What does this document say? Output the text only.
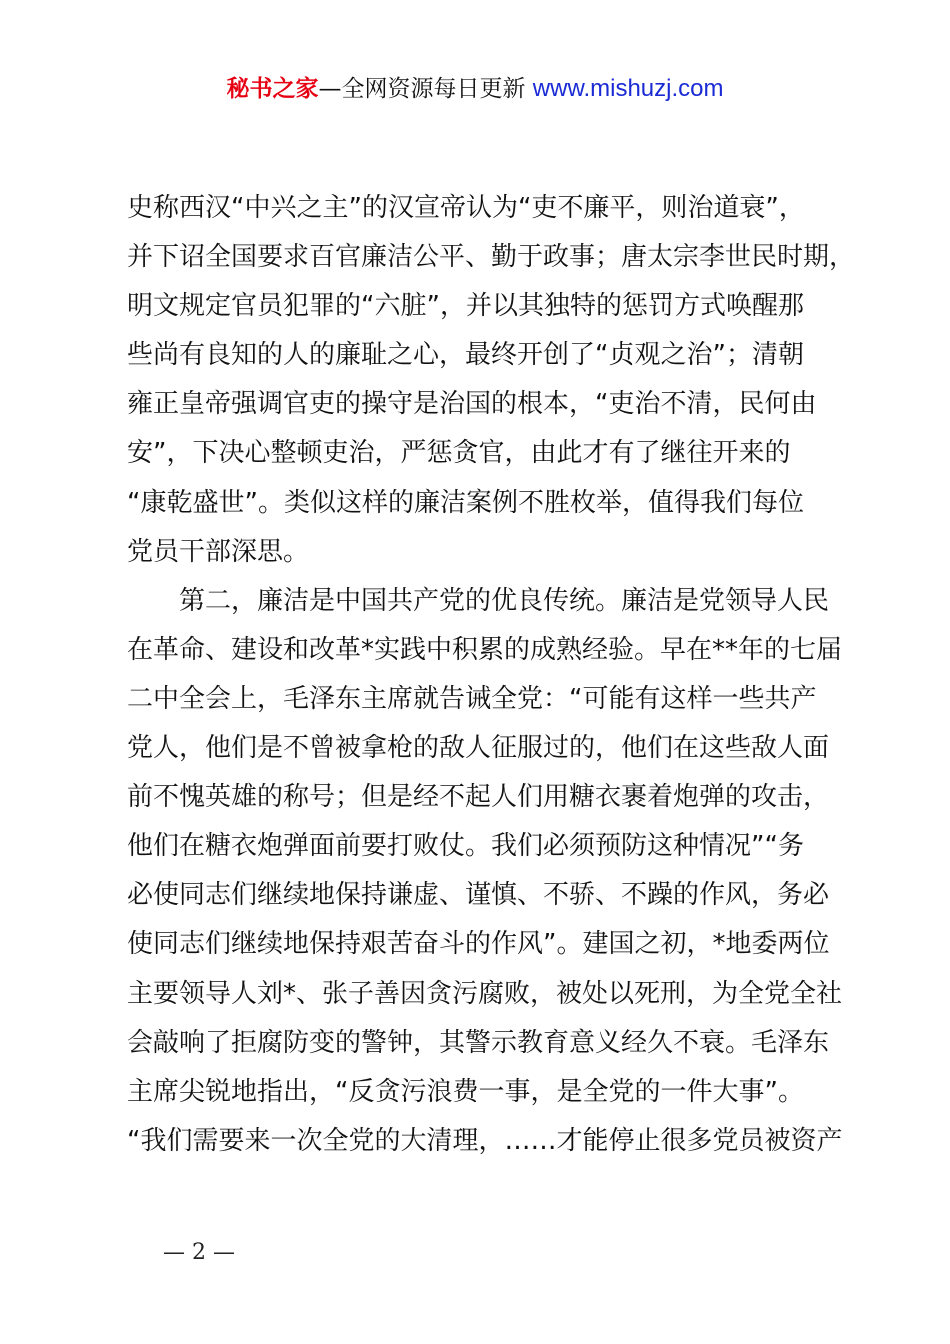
秘书之家—全网资源每日更新 www.mishuzj.com
史称西汉“中兴之主”的汉宣帝认为“吏不廉平，则治道衰”，
并下诏全国要求百官廉洁公平、勤于政事；唐太宗李世民时期，
明文规定官员犯罪的“六脏”，并以其独特的惩罚方式唤醒那
些尚有良知的人的廉耻之心，最终开创了“贞观之治”；清朝
雍正皇帝强调官吏的操守是治国的根本，“吏治不清，民何由
安”，下决心整顿吏治，严惩贪官，由此才有了继往开来的
“康乾盛世”。类似这样的廉洁案例不胜枚举，值得我们每位
党员干部深思。
第二，廉洁是中国共产党的优良传统。廉洁是党领导人民
在革命、建设和改革*实践中积累的成熟经验。早在**年的七届
二中全会上，毛泽东主席就告诫全党：“可能有这样一些共产
党人，他们是不曾被拿枪的敌人征服过的，他们在这些敌人面
前不愧英雄的称号；但是经不起人们用糖衣裹着炮弹的攻击，
他们在糖衣炮弹面前要打败仗。我们必须预防这种情况”“务
必使同志们继续地保持谦虚、谨慎、不骄、不躁的作风，务必
使同志们继续地保持艰苦奋斗的作风”。建国之初，*地委两位
主要领导人刘*、张子善因贪污腐败，被处以死刑，为全党全社
会敲响了拒腐防变的警钟，其警示教育意义经久不衰。毛泽东
主席尖锐地指出，“反贪污浪费一事，是全党的一件大事”。
“我们需要来一次全党的大清理，……才能停止很多党员被资产
— 2 —
